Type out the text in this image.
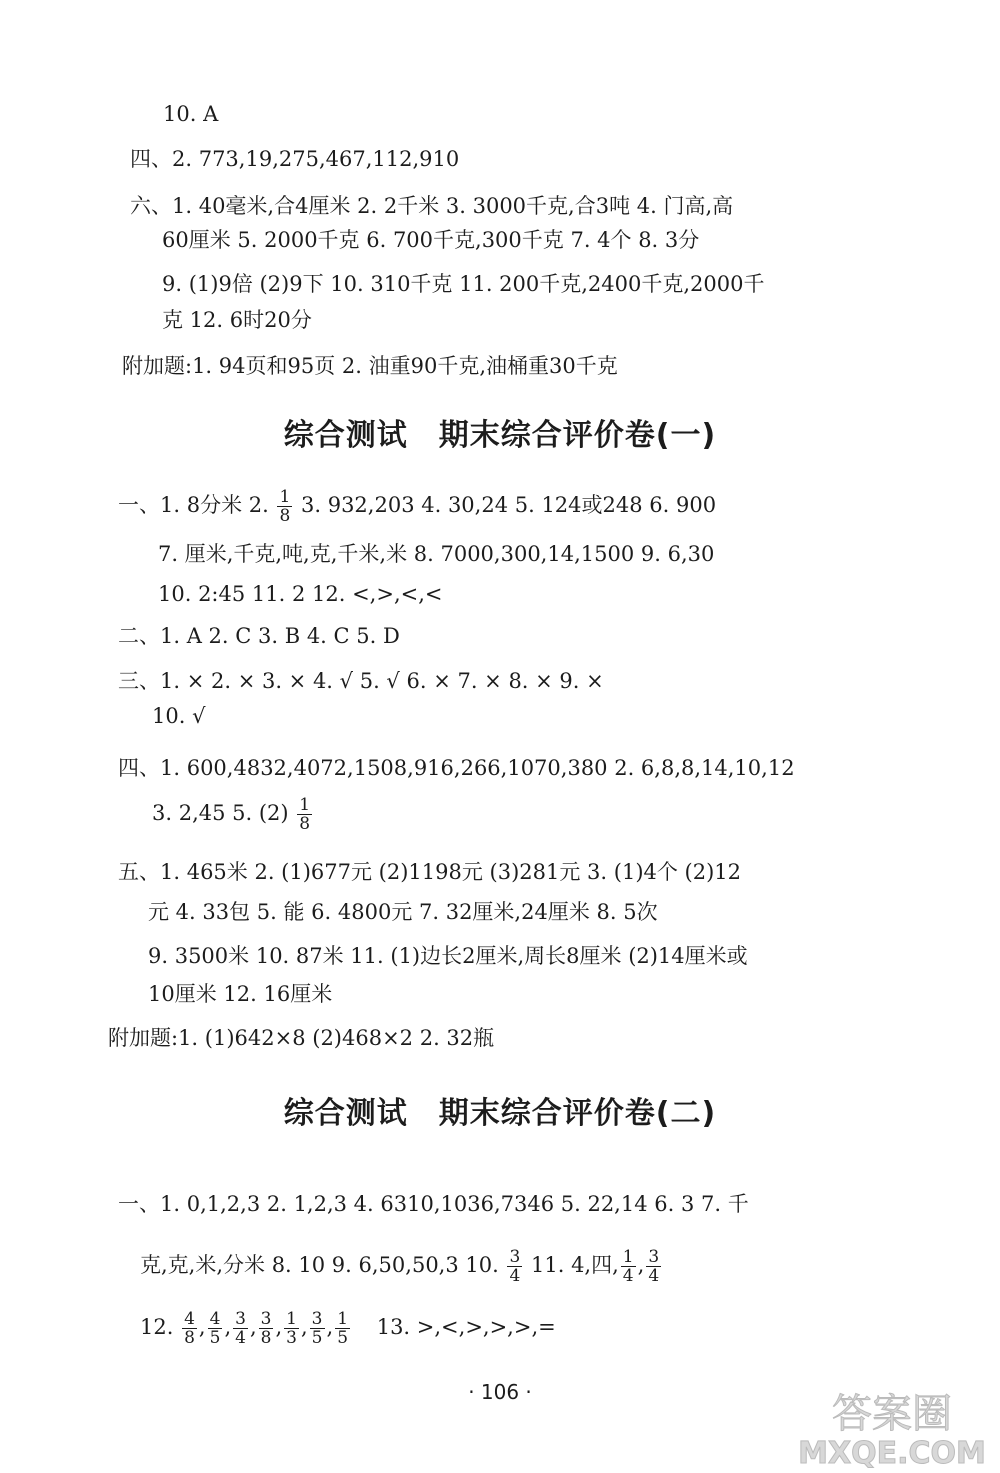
10. A
四、2. 773,19,275,467,112,910
六、1. 40毫米,合4厘米 2. 2千米 3. 3000千克,合3吨 4. 门高,高
60厘米 5. 2000千克 6. 700千克,300千克 7. 4个 8. 3分
9. (1)9倍 (2)9下 10. 310千克 11. 200千克,2400千克,2000千
克 12. 6时20分
附加题:1. 94页和95页 2. 油重90千克,油桶重30千克
综合测试　期末综合评价卷(一)
一、1. 8分米 2. $\frac{1}{8} 3$. 932,203 4. 30,24 5. 124或248 6. 900
7. 厘米,千克,吨,克,千米,米 8. 7000,300,14,1500 9. 6,30
10. 2:45 11. 2 12. <,>,<,<
二、1. A 2. C 3. B 4. C 5. D
三、1. × 2. × 3. × 4. √ 5. √ 6. × 7. × 8. × 9. ×
10. √
四、1. 600,4832,4072,1508,916,266,1070,380 2. 6,8,8,14,10,12
3. 2,45 5. $(2) \frac{1}{8}$
五、1. 465米 2. (1)677元 (2)1198元 (3)281元 3. (1)4个 (2)12
元 4. 33包 5. 能 6. 4800元 7. 32厘米,24厘米 8. 5次
9. 3500米 10. 87米 11. (1)边长2厘米,周长8厘米 (2)14厘米或
10厘米 12. 16厘米
附加题:1. (1)642×8 (2)468×2 2. 32瓶
综合测试　期末综合评价卷(二)
一、1. 0,1,2,3 2. 1,2,3 4. 6310,1036,7346 5. 22,14 6. 3 7. 千
克,克,米,分米 8. 10 9. 6,50,50,3 10. $\frac{3}{4} 11$. 4,四, $\frac{1}{4}$ , $\frac{3}{4}$
12. $\frac{4}{8}$ , $\frac{4}{5}$ , $\frac{3}{4}$ , $\frac{3}{8}$ , $\frac{1}{3}$ , $\frac{3}{5}$ , $\frac{1}{5} 13$. >,<,>,>,>,=
· 106 ·	答案圈
MXQE.COM
